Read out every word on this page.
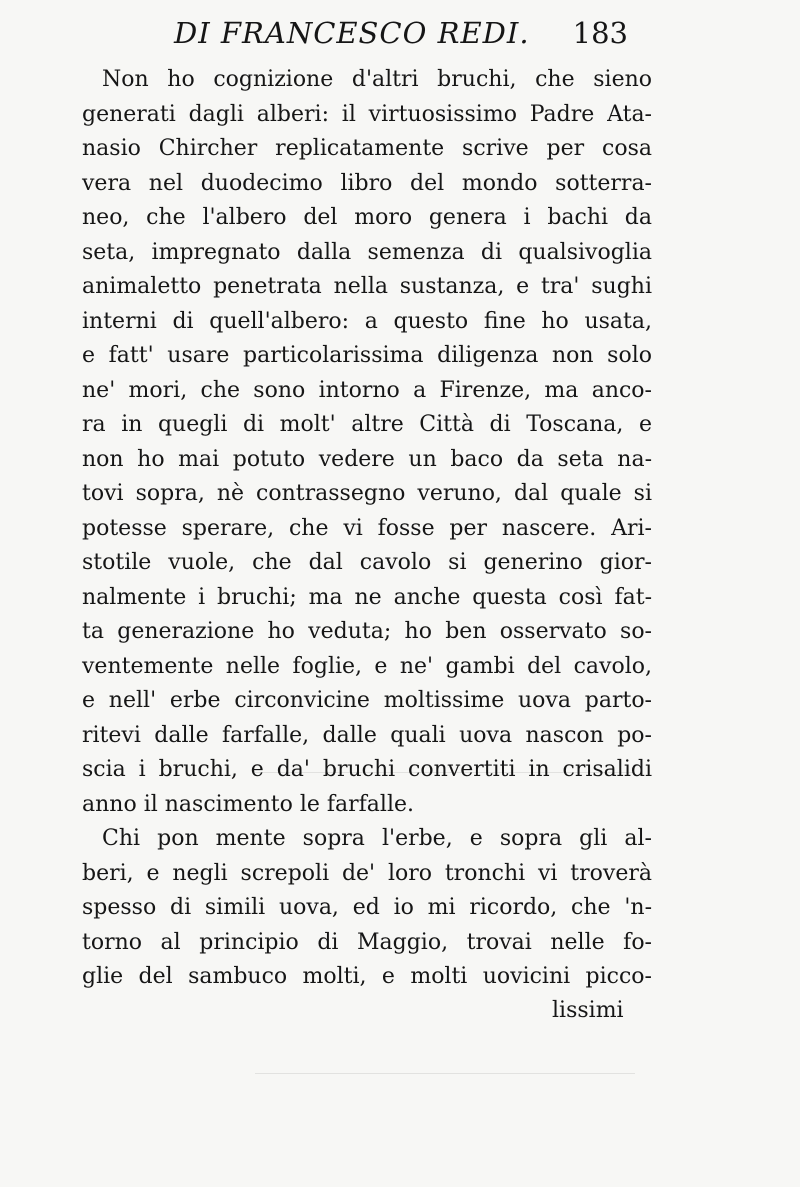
DI FRANCESCO REDI. 183
Non ho cognizione d'altri bruchi, che sieno
generati dagli alberi: il virtuosissimo Padre Ata-
nasio Chircher replicatamente scrive per cosa
vera nel duodecimo libro del mondo sotterra-
neo, che l'albero del moro genera i bachi da
seta, impregnato dalla semenza di qualsivoglia
animaletto penetrata nella sustanza, e tra' sughi
interni di quell'albero: a questo fine ho usata,
e fatt' usare particolarissima diligenza non solo
ne' mori, che sono intorno a Firenze, ma anco-
ra in quegli di molt' altre Città di Toscana, e
non ho mai potuto vedere un baco da seta na-
tovi sopra, nè contrassegno veruno, dal quale si
potesse sperare, che vi fosse per nascere. Ari-
stotile vuole, che dal cavolo si generino gior-
nalmente i bruchi; ma ne anche questa così fat-
ta generazione ho veduta; ho ben osservato so-
ventemente nelle foglie, e ne' gambi del cavolo,
e nell' erbe circonvicine moltissime uova parto-
ritevi dalle farfalle, dalle quali uova nascon po-
scia i bruchi, e da' bruchi convertiti in crisalidi
anno il nascimento le farfalle.
Chi pon mente sopra l'erbe, e sopra gli al-
beri, e negli screpoli de' loro tronchi vi troverà
spesso di simili uova, ed io mi ricordo, che 'n-
torno al principio di Maggio, trovai nelle fo-
glie del sambuco molti, e molti uovicini picco-
lissimi
